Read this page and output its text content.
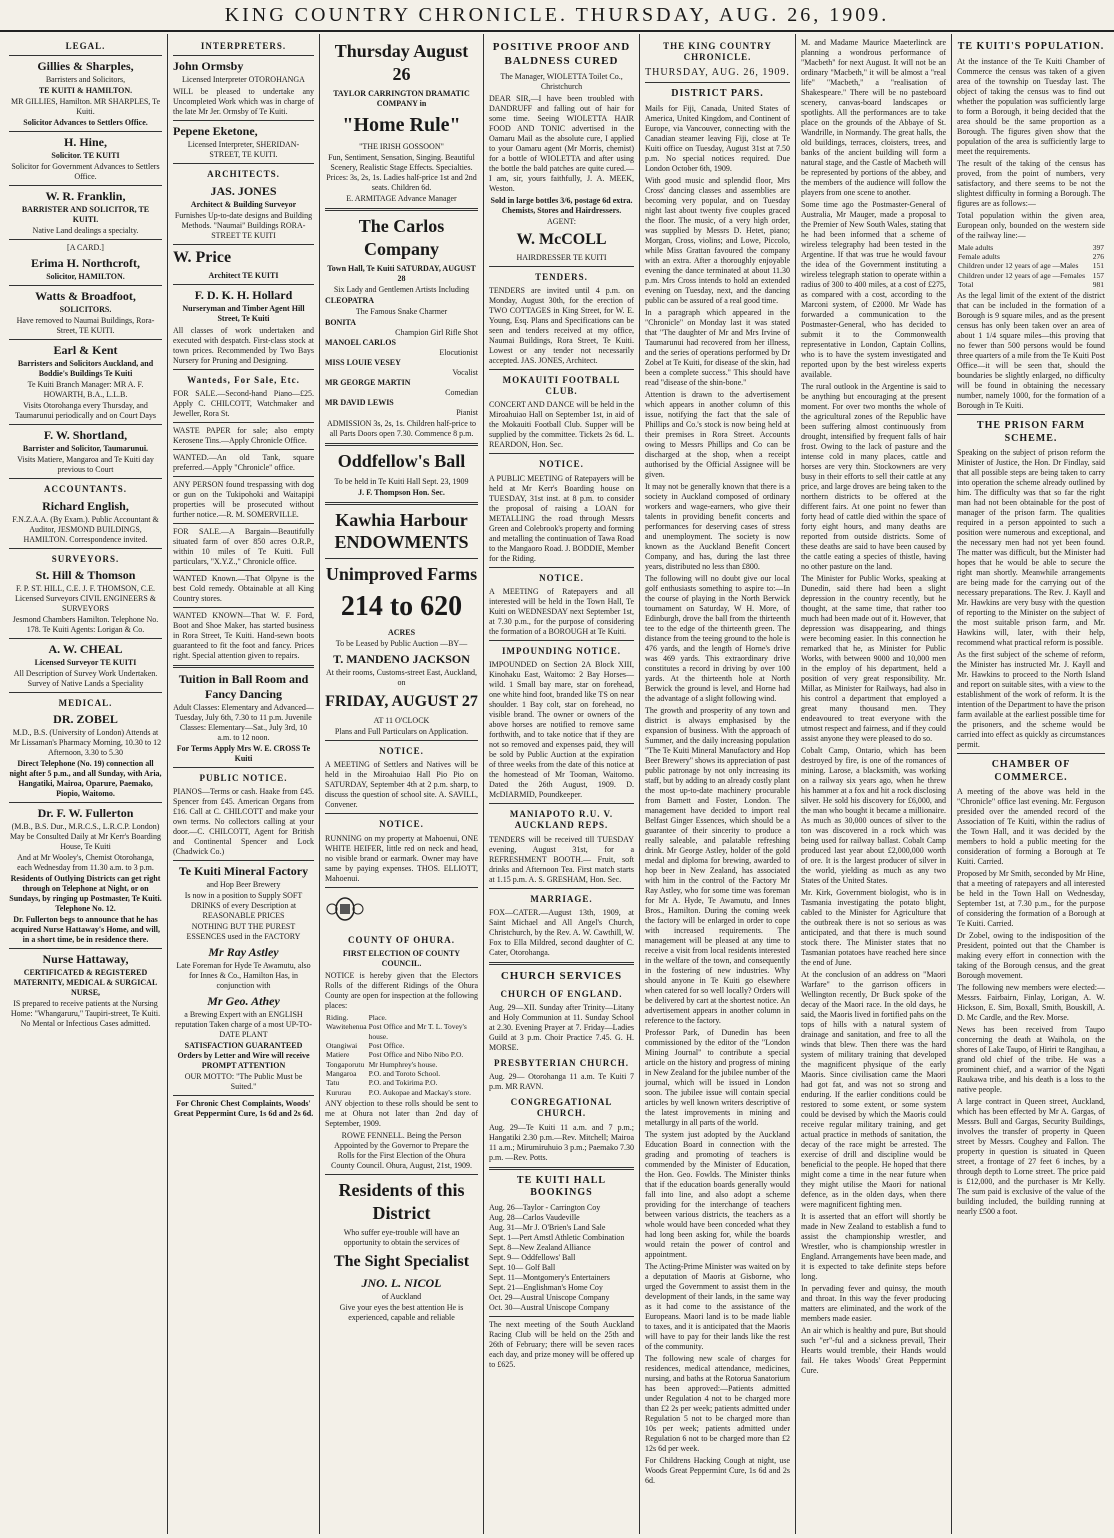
KING COUNTRY CHRONICLE. THURSDAY, AUG. 26, 1909.
LEGAL.
Gillies & Sharples,
Barristers and Solicitors,
TE KUITI & HAMILTON.
MR GILLIES, Hamilton. MR SHARPLES, Te Kuiti.
Solicitor Advances to Settlers Office.
H. Hine,
Solicitor. TE KUITI
Solicitor for Government Advances to Settlers Office.
W. R. Franklin,
BARRISTER AND SOLICITOR, TE KUITI.
Native Land dealings a specialty.
[A CARD.]
Erima H. Northcroft,
Solicitor, HAMILTON.
Watts & Broadfoot,
SOLICITORS.
Have removed to Naumai Buildings, Rora-Street, TE KUITI.
Earl & Kent
Barristers and Solicitors Auckland, and Boddie's Buildings Te Kuiti
Te Kuiti Branch Manager: MR A. F. HOWARTH, B.A., L.L.B.
Visits Otorohanga every Thursday, and Taumarunui periodically and on Court Days
F. W. Shortland,
Barrister and Solicitor, Taumarunui.
Visits Matiere, Mangaroa and Te Kuiti day previous to Court
ACCOUNTANTS.
Richard English,
F.N.Z.A.A. (By Exam.). Public Accountant & Auditor, JESMOND BUILDINGS, HAMILTON. Correspondence invited.
SURVEYORS.
St. Hill & Thomson
F. P. ST. HILL, C.E. J. F. THOMSON, C.E. Licensed Surveyors CIVIL ENGINEERS & SURVEYORS
Jesmond Chambers Hamilton. Telephone No. 178. Te Kuiti Agents: Lorigan & Co.
A. W. CHEAL
Licensed Surveyor TE KUITI
All Description of Survey Work Undertaken. Survey of Native Lands a Speciality
MEDICAL.
DR. ZOBEL
M.D., B.S. (University of London) Attends at Mr Lissaman's Pharmacy Morning, 10.30 to 12 Afternoon, 3.30 to 5.30
Direct Telephone (No. 19) connection all night after 5 p.m., and all Sunday, with Aria, Hangatiki, Mairoa, Oparure, Paemako, Piopio, Waitomo.
Dr. F. W. Fullerton
(M.B., B.S. Dur., M.R.C.S., L.R.C.P. London) May be Consulted Daily at Mr Kerr's Boarding House, Te Kuiti
And at Mr Wooley's, Chemist Otorohanga, each Wednesday from 11.30 a.m. to 3 p.m.
Residents of Outlying Districts can get right through on Telephone at Night, or on Sundays, by ringing up Postmaster, Te Kuiti. Telephone No. 12.
Dr. Fullerton begs to announce that he has acquired Nurse Hattaway's Home, and will, in a short time, be in residence there.
Nurse Hattaway,
CERTIFICATED & REGISTERED MATERNITY, MEDICAL & SURGICAL NURSE,
IS prepared to receive patients at the Nursing Home: "Whangaruru," Taupiri-street, Te Kuiti. No Mental or Infectious Cases admitted.
INTERPRETERS.
John Ormsby
Licensed Interpreter OTOROHANGA
WILL be pleased to undertake any Uncompleted Work which was in charge of the late Mr Jer. Ormsby of Te Kuiti.
Pepene Eketone,
Licensed Interpreter, SHERIDAN-STREET, TE KUITI.
ARCHITECTS.
JAS. JONES
Architect & Building Surveyor
Furnishes Up-to-date designs and Building Methods. "Naumai" Buildings RORA-STREET TE KUITI
W. Price
Architect TE KUITI
F. D. K. H. Hollard
Nurseryman and Timber Agent Hill Street, Te Kuiti
All classes of work undertaken and executed with despatch. First-class stock at town prices. Recommended by Two Bays Nursery for Pruning and Designing.
Wanteds, For Sale, Etc.
FOR SALE.—Second-hand Piano—£25. Apply C. CHILCOTT, Watchmaker and Jeweller, Rora St.
WASTE PAPER for sale; also empty Kerosene Tins.—Apply Chronicle Office.
WANTED.—An old Tank, square preferred.—Apply "Chronicle" office.
ANY PERSON found trespassing with dog or gun on the Tukipohoki and Waitapipi properties will be prosecuted without further notice.—R. M. SOMERVILLE.
FOR SALE.—A Bargain—Beautifully situated farm of over 850 acres O.R.P., within 10 miles of Te Kuiti. Full particulars, "X.Y.Z.," Chronicle office.
WANTED Known.—That Olpyne is the best Cold remedy. Obtainable at all King Country stores.
WANTED KNOWN—That W. F. Ford, Boot and Shoe Maker, has started business in Rora Street, Te Kuiti. Hand-sewn boots guaranteed to fit the foot and fancy. Prices right. Special attention given to repairs.
Tuition in Ball Room and Fancy Dancing
Adult Classes: Elementary and Advanced—Tuesday, July 6th, 7.30 to 11 p.m. Juvenile Classes: Elementary—Sat., July 3rd, 10 a.m. to 12 noon.
For Terms Apply Mrs W. E. CROSS Te Kuiti
PUBLIC NOTICE.
PIANOS—Terms or cash. Haake from £45. Spencer from £45. American Organs from £16. Call at C. CHILCOTT and make your own terms. No collectors calling at your door.—C. CHILCOTT, Agent for British and Continental Spencer and Lock (Chadwick Co.)
Te Kuiti Mineral Factory
and Hop Beer Brewery
Is now in a position to Supply SOFT DRINKS of every Description at REASONABLE PRICES
NOTHING BUT THE PUREST ESSENCES used in the FACTORY
Mr Ray Astley
Late Foreman for Hyde Te Awamutu, also for Innes & Co., Hamilton Has, in conjunction with
Mr Geo. Athey
a Brewing Expert with an ENGLISH reputation Taken charge of a most UP-TO-DATE PLANT
SATISFACTION GUARANTEED Orders by Letter and Wire will receive PROMPT ATTENTION
OUR MOTTO: "The Public Must be Suited."
For Chronic Chest Complaints, Woods' Great Peppermint Cure, 1s 6d and 2s 6d.
Thursday August 26
TAYLOR CARRINGTON DRAMATIC COMPANY in
"Home Rule"
"THE IRISH GOSSOON"
Fun, Sentiment, Sensation, Singing. Beautiful Scenery, Realistic Stage Effects. Specialties. Prices: 3s, 2s, 1s. Ladies half-price 1st and 2nd seats. Children 6d.
E. ARMITAGE Advance Manager
The Carlos Company
Town Hall, Te Kuiti SATURDAY, AUGUST 28
Six Lady and Gentlemen Artists Including
CLEOPATRA
The Famous Snake Charmer
BONITA
Champion Girl Rifle Shot
MANOEL CARLOS
Elocutionist
MISS LOUIE VESEY
Vocalist
MR GEORGE MARTIN
Comedian
MR DAVID LEWIS
Pianist
ADMISSION 3s, 2s, 1s. Children half-price to all Parts Doors open 7.30. Commence 8 p.m.
Oddfellow's Ball
To be held in Te Kuiti Hall Sept. 23, 1909
J. F. Thompson Hon. Sec.
Kawhia Harbour ENDOWMENTS
Unimproved Farms
214 to 620
ACRES
To be Leased by Public Auction —BY—
T. MANDENO JACKSON
At their rooms, Customs-street East, Auckland, on
FRIDAY, AUGUST 27
AT 11 O'CLOCK
Plans and Full Particulars on Application.
NOTICE.
A MEETING of Settlers and Natives will be held in the Miroahuiao Hall Pio Pio on SATURDAY, September 4th at 2 p.m. sharp, to discuss the question of school site. A. SAVILL, Convener.
NOTICE.
RUNNING on my property at Mahoenui, ONE WHITE HEIFER, little red on neck and head, no visible brand or earmark. Owner may have same by paying expenses. THOS. ELLIOTT, Mahoenui.
COUNTY OF OHURA.
FIRST ELECTION OF COUNTY COUNCIL.
NOTICE is hereby given that the Electors Rolls of the different Ridings of the Ohura County are open for inspection at the following places:
Riding.	Place.
Wawitehenua	Post Office and Mr T. L. Tovey's house.
Otangiwai	Post Office.
Matiere	Post Office and Nibo Nibo P.O.
Tongaporutu	Mr Humphrey's house.
Mangaroa	P.O. and Toroto School.
Tatu	P.O. and Tokirima P.O.
Kururau	P.O. Aukopae and Mackay's store.
ANY objection to these rolls should be sent to me at Ohura not later than 2nd day of September, 1909.
ROWE FENNELL. Being the Person Appointed by the Governor to Prepare the Rolls for the First Election of the Ohura County Council. Ohura, August, 21st, 1909.
Residents of this District
Who suffer eye-trouble will have an opportunity to obtain the services of
The Sight Specialist
JNO. L. NICOL
of Auckland
Give your eyes the best attention He is experienced, capable and reliable
POSITIVE PROOF AND BALDNESS CURED
The Manager, WIOLETTA Toilet Co., Christchurch
DEAR SIR,—I have been troubled with DANDRUFF and falling out of hair for some time. Seeing WIOLETTA HAIR FOOD AND TONIC advertised in the Oamaru Mail as the absolute cure, I applied to your Oamaru agent (Mr Morris, chemist) for a bottle of WIOLETTA and after using the bottle the bald patches are quite cured.—I am, sir, yours faithfully, J. A. MEEK, Weston.
Sold in large bottles 3/6, postage 6d extra. Chemists, Stores and Hairdressers.
AGENT:
W. McCOLL
HAIRDRESSER TE KUITI
TENDERS.
TENDERS are invited until 4 p.m. on Monday, August 30th, for the erection of TWO COTTAGES in King Street, for W. E. Young, Esq. Plans and Specifications can be seen and tenders received at my office, Naumai Buildings, Rora Street, Te Kuiti. Lowest or any tender not necessarily accepted. JAS. JONES, Architect.
MOKAUITI FOOTBALL CLUB.
CONCERT AND DANCE will be held in the Miroahuiao Hall on September 1st, in aid of the Mokauiti Football Club. Supper will be supplied by the committee. Tickets 2s 6d. L. REARDON, Hon. Sec.
NOTICE.
A PUBLIC MEETING of Ratepayers will be held at Mr Kerr's Boarding house on TUESDAY, 31st inst. at 8 p.m. to consider the proposal of raising a LOAN for METALLING the road through Messrs Green and Colebrook's property and forming and metalling the continuation of Tawa Road to the Mangaoro Road. J. BODDIE, Member for the Riding.
NOTICE.
A MEETING of Ratepayers and all interested will be held in the Town Hall, Te Kuiti on WEDNESDAY next September 1st, at 7.30 p.m., for the purpose of considering the formation of a BOROUGH at Te Kuiti.
IMPOUNDING NOTICE.
IMPOUNDED on Section 2A Block XIII, Kinohaku East, Waitomo: 2 Bay Horses—wild. 1 Small bay mare, star on forehead, one white hind foot, branded like TS on near shoulder. 1 Bay colt, star on forehead, no visible brand. The owner or owners of the above horses are notified to remove same forthwith, and to take notice that if they are not so removed and expenses paid, they will be sold by Public Auction at the expiration of three weeks from the date of this notice at the homestead of Mr Tooman, Waitomo. Dated the 26th August, 1909. D. McDIARMID, Poundkeeper.
MANIAPOTO R.U. V. AUCKLAND REPS.
TENDERS will be received till TUESDAY evening, August 31st, for a REFRESHMENT BOOTH.— Fruit, soft drinks and Afternoon Tea. First match starts at 1.15 p.m. A. S. GRESHAM, Hon. Sec.
MARRIAGE.
FOX—CATER.—August 13th, 1909, at Saint Michael and All Angel's Church, Christchurch, by the Rev. A. W. Cawthill, W. Fox to Ella Mildred, second daughter of C. Cater, Otorohanga.
CHURCH SERVICES
CHURCH OF ENGLAND.
Aug. 29—XII. Sunday after Trinity—Litany and Holy Communion at 11. Sunday School at 2.30. Evening Prayer at 7. Friday—Ladies Guild at 3 p.m. Choir Practice 7.45. G. H. MORSE.
PRESBYTERIAN CHURCH.
Aug. 29— Otorohanga 11 a.m. Te Kuiti 7 p.m. MR RAVN.
CONGREGATIONAL CHURCH.
Aug. 29—Te Kuiti 11 a.m. and 7 p.m.; Hangatiki 2.30 p.m.—Rev. Mitchell; Mairoa 11 a.m.; Mirumiruhuio 3 p.m.; Paemako 7.30 p.m. —Rev. Potts.
TE KUITI HALL BOOKINGS
Aug. 26—Taylor - Carrington Coy
Aug. 28—Carlos Vaudeville
Aug. 31—Mr J. O'Brien's Land Sale
Sept. 1—Pert Amstl Athletic Combination
Sept. 8—New Zealand Alliance
Sept. 9— Oddfellows' Ball
Sept. 10— Golf Ball
Sept. 11—Montgomery's Entertainers
Sept. 21—Englishman's Home Coy
Oct. 29—Austral Uniscope Company
Oct. 30—Austral Uniscope Company
The next meeting of the South Auckland Racing Club will be held on the 25th and 26th of February; there will be seven races each day, and prize money will be offered up to £625.
THE KING COUNTRY CHRONICLE.
THURSDAY, AUG. 26, 1909.
DISTRICT PARS.
Mails for Fiji, Canada, United States of America, United Kingdom, and Continent of Europe, via Vancouver, connecting with the Canadian steamer leaving Fiji, close at Te Kuiti office on Tuesday, August 31st at 7.50 p.m. No special notices required. Due London October 6th, 1909.
With good music and splendid floor, Mrs Cross' dancing classes and assemblies are becoming very popular, and on Tuesday night last about twenty five couples graced the floor. The music, of a very high order, was supplied by Messrs D. Hetet, piano; Morgan, Cross, violins; and Lowe, Piccolo, while Miss Grattan favoured the company with an extra. After a thoroughly enjoyable evening the dance terminated at about 11.30 p.m. Mrs Cross intends to hold an extended evening on Tuesday, next, and the dancing public can be assured of a real good time.
In a paragraph which appeared in the "Chronicle" on Monday last it was stated that "The daughter of Mr and Mrs Irvine of Taumarunui had recovered from her illness, and the series of operations performed by Dr Zobel at Te Kuiti, for disease of the skin, had been a complete success." This should have read "disease of the shin-bone."
Attention is drawn to the advertisement which appears in another column of this issue, notifying the fact that the sale of Phillips and Co.'s stock is now being held at their premises in Rora Street. Accounts owing to Messrs Phillips and Co can be discharged at the shop, when a receipt authorised by the Official Assignee will be given.
It may not be generally known that there is a society in Auckland composed of ordinary workers and wage-earners, who give their talents in providing benefit concerts and performances for deserving cases of stress and unemployment. The society is now known as the Auckland Benefit Concert Company, and has, during the last three years, distributed no less than £800.
The following will no doubt give our local golf enthusiasts something to aspire to:—In the course of playing in the North Berwick tournament on Saturday, W H. More, of Edinburgh, drove the ball from the thirteenth tee to the edge of the thirteenth green. The distance from the teeing ground to the hole is 476 yards, and the length of Horne's drive was 469 yards. This extraordinary drive constitutes a record in driving by over 100 yards. At the thirteenth hole at North Berwick the ground is level, and Horne had the advantage of a slight following wind.
The growth and prosperity of any town and district is always emphasised by the expansion of business. With the approach of Summer, and the daily increasing population "The Te Kuiti Mineral Manufactory and Hop Beer Brewery" shows its appreciation of past public patronage by not only increasing its staff, but by adding to an already costly plant the most up-to-date machinery procurable from Barnett and Foster, London. The management have decided to import real Belfast Ginger Essences, which should be a guarantee of their sincerity to produce a really saleable, and palatable refreshing drink. Mr George Astley, holder of the gold medal and diploma for brewing, awarded to hop beer in New Zealand, has associated with him in the control of the Factory Mr Ray Astley, who for some time was foreman for Mr A. Hyde, Te Awamutu, and Innes Bros., Hamilton. During the coming week the factory will be enlarged in order to cope with increased requirements. The management will be pleased at any time to receive a visit from local residents interested in the welfare of the town, and consequently in the fostering of new industries. Why should anyone in Te Kuiti go elsewhere when catered for so well locally? Orders will be delivered by cart at the shortest notice. An advertisement appears in another column in reference to the factory.
Professor Park, of Dunedin has been commissioned by the editor of the "London Mining Journal" to contribute a special article on the history and progress of mining in New Zealand for the jubilee number of the journal, which will be issued in London soon. The jubilee issue will contain special articles by well known writers descriptive of the latest improvements in mining and metallurgy in all parts of the world.
The system just adopted by the Auckland Education Board in connection with the grading and promoting of teachers is commended by the Minister of Education, the Hon. Geo. Fowlds. The Minister thinks that if the education boards generally would fall into line, and also adopt a scheme providing for the interchange of teachers between various districts, the teachers as a whole would have been conceded what they had long been asking for, while the boards would retain the power of control and appointment.
The Acting-Prime Minister was waited on by a deputation of Maoris at Gisborne, who urged the Government to assist them in the development of their lands, in the same way as it had come to the assistance of the Europeans. Maori land is to be made liable to taxes, and it is anticipated that the Maoris will have to pay for their lands like the rest of the community.
The following new scale of charges for residences, medical attendance, medicines, nursing, and baths at the Rotorua Sanatorium has been approved:—Patients admitted under Regulation 4 not to be charged more than £2 2s per week; patients admitted under Regulation 5 not to be charged more than 10s per week; patients admitted under Regulation 6 not to be charged more than £2 12s 6d per week.
For Childrens Hacking Cough at night, use Woods Great Peppermint Cure, 1s 6d and 2s 6d.
M. and Madame Maurice Maeterlinck are planning a wondrous performance of "Macbeth" for next August. It will not be an ordinary "Macbeth," it will be almost a "real life" "Macbeth," a "realisation of Shakespeare." There will be no pasteboard scenery, canvas-board landscapes or spotlights. All the performances are to take place on the grounds of the Abbaye of St. Wandrille, in Normandy. The great halls, the old buildings, terraces, cloisters, trees, and banks of the ancient building will form a natural stage, and the Castle of Macbeth will be represented by portions of the abbey, and the members of the audience will follow the players from one scene to another.
Some time ago the Postmaster-General of Australia, Mr Mauger, made a proposal to the Premier of New South Wales, stating that he had been informed that a scheme of wireless telegraphy had been tested in the Argentine. If that was true he would favour the idea of the Government instituting a wireless telegraph station to operate within a radius of 300 to 400 miles, at a cost of £275, as compared with a cost, according to the Marconi system, of £2000. Mr Wade has forwarded a communication to the Postmaster-General, who has decided to submit it to the Commonwealth representative in London, Captain Collins, who is to have the system investigated and reported upon by the best wireless experts available.
The rural outlook in the Argentine is said to be anything but encouraging at the present moment. For over two months the whole of the agricultural zones of the Republic have been suffering almost continuously from drought, intensified by frequent falls of hair frost. Owing to the lack of pasture and the intense cold in many places, cattle and horses are very thin. Stockowners are very busy in their efforts to sell their cattle at any price, and large droves are being taken to the northern districts to be offered at the different fairs. At one point no fewer than forty head of cattle died within the space of forty eight hours, and many deaths are reported from outside districts. Some of these deaths are said to have been caused by the cattle eating a species of thistle, having no other pasture on the land.
The Minister for Public Works, speaking at Dunedin, said there had been a slight depression in the country recently, but he thought, at the same time, that rather too much had been made out of it. However, that depression was disappearing, and things were becoming easier. In this connection he remarked that he, as Minister for Public Works, with between 9000 and 10,000 men in the employ of his department, held a position of very great responsibility. Mr. Millar, as Minister for Railways, had also in his control a department that employed a great many thousand men. They endeavoured to treat everyone with the utmost respect and fairness, and if they could assist anyone they were pleased to do so.
Cobalt Camp, Ontario, which has been destroyed by fire, is one of the romances of mining. Larose, a blacksmith, was working on a railway six years ago, when he threw his hammer at a fox and hit a rock disclosing silver. He sold his discovery for £6,000, and the man who bought it became a millionaire. As much as 30,000 ounces of silver to the ton was discovered in a rock which was being used for railway ballast. Cobalt Camp produced last year about £2,000,000 worth of ore. It is the largest producer of silver in the world, yielding as much as any two States of the United States.
Mr. Kirk, Government biologist, who is in Tasmania investigating the potato blight, cabled to the Minister for Agriculture that the outbreak there is not so serious as was anticipated, and that there is much sound stock there. The Minister states that no Tasmanian potatoes have reached here since the end of June.
At the conclusion of an address on "Maori Warfare" to the garrison officers in Wellington recently, Dr Buck spoke of the decay of the Maori race. In the old days, he said, the Maoris lived in fortified pahs on the tops of hills with a natural system of drainage and sanitation, and free to all the winds that blew. Then there was the hard system of military training that developed the magnificent physique of the early Maoris. Since civilisation came the Maori had got fat, and was not so strong and enduring. If the earlier conditions could be restored to some extent, or some system could be devised by which the Maoris could receive regular military training, and get actual practice in methods of sanitation, the decay of the race might be arrested. The exercise of drill and discipline would be beneficial to the people. He hoped that there might come a time in the near future when they might utilise the Maori for national defence, as in the olden days, when there were magnificent fighting men.
It is asserted that an effort will shortly be made in New Zealand to establish a fund to assist the championship wrestler, and Wrestler, who is championship wrestler in England. Arrangements have been made, and it is expected to take definite steps before long.
In pervading fever and quinsy, the mouth and throat. In this way the fever producing matters are eliminated, and the work of the members made easier.
An air which is healthy and pure, But should such "er"-ful and a sickness prevail, Their Hearts would tremble, their Hands would fail. He takes Woods' Great Peppermint Cure.
TE KUITI'S POPULATION.
At the instance of the Te Kuiti Chamber of Commerce the census was taken of a given area of the township on Tuesday last. The object of taking the census was to find out whether the population was sufficiently large to form a Borough, it being decided that the area should be the same proportion as a Borough. The figures given show that the population of the area is sufficiently large to meet the requirements.
The result of the taking of the census has proved, from the point of numbers, very satisfactory, and there seems to be not the slightest difficulty in forming a Borough. The figures are as follows:—
Total population within the given area, European only, bounded on the western side of the railway line:—
Male adults	397
Female adults	276
Children under 12 years of age —Males	151
Children under 12 years of age —Females	157
Total	981
As the legal limit of the extent of the district that can be included in the formation of a Borough is 9 square miles, and as the present census has only been taken over an area of about 1 1/4 square miles—this proving that no fewer than 500 persons would be found three quarters of a mile from the Te Kuiti Post Office—it will be seen that, should the boundaries be slightly enlarged, no difficulty will be found in obtaining the necessary number, namely 1000, for the formation of a Borough in Te Kuiti.
THE PRISON FARM SCHEME.
Speaking on the subject of prison reform the Minister of Justice, the Hon. Dr Findlay, said that all possible steps are being taken to carry into operation the scheme already outlined by him. The difficulty was that so far the right man had not been obtainable for the post of manager of the prison farm. The qualities required in a person appointed to such a position were numerous and exceptional, and the necessary men had not yet been found. The matter was difficult, but the Minister had hopes that he would be able to secure the right man shortly. Meanwhile arrangements are being made for the carrying out of the necessary preparations. The Rev. J. Kayll and Mr. Hawkins are very busy with the question of reporting to the Minister on the subject of the most suitable prison farm, and Mr. Hawkins will, later, with their help, recommend what practical reform is possible.
As the first subject of the scheme of reform, the Minister has instructed Mr. J. Kayll and Mr. Hawkins to proceed to the North Island and report on suitable sites, with a view to the establishment of the work of reform. It is the intention of the Department to have the prison farm available at the earliest possible time for the prisoners, and the scheme would be carried into effect as quickly as circumstances permit.
CHAMBER OF COMMERCE.
A meeting of the above was held in the "Chronicle" office last evening. Mr. Ferguson presided over the amended record of the Association of Te Kuiti, within the radius of the Town Hall, and it was decided by the members to hold a public meeting for the consideration of forming a Borough at Te Kuiti. Carried.
Proposed by Mr Smith, seconded by Mr Hine, that a meeting of ratepayers and all interested be held in the Town Hall on Wednesday, September 1st, at 7.30 p.m., for the purpose of considering the formation of a Borough at Te Kuiti. Carried.
Dr Zobel, owing to the indisposition of the President, pointed out that the Chamber is making every effort in connection with the taking of the Borough census, and the great Borough movement.
The following new members were elected:—Messrs. Fairbairn, Finlay, Lorigan, A. W. Hickson, E. Sim, Boxall, Smith, Bouskill, A. D. Mc Cardle, and the Rev. Morse.
News has been received from Taupo concerning the death at Waihola, on the shores of Lake Taupo, of Hiriri te Rangihau, a grand old chief of the tribe. He was a prominent chief, and a warrior of the Ngati Raukawa tribe, and his death is a loss to the native people.
A large contract in Queen street, Auckland, which has been effected by Mr A. Gargas, of Messrs. Bull and Gargas, Security Buildings, involves the transfer of property in Queen street by Messrs. Coughey and Fallon. The property in question is situated in Queen street, a frontage of 27 feet 6 inches, by a through depth to Lorne street. The price paid is £12,000, and the purchaser is Mr Kelly. The sum paid is exclusive of the value of the building included, the building running at nearly £500 a foot.
